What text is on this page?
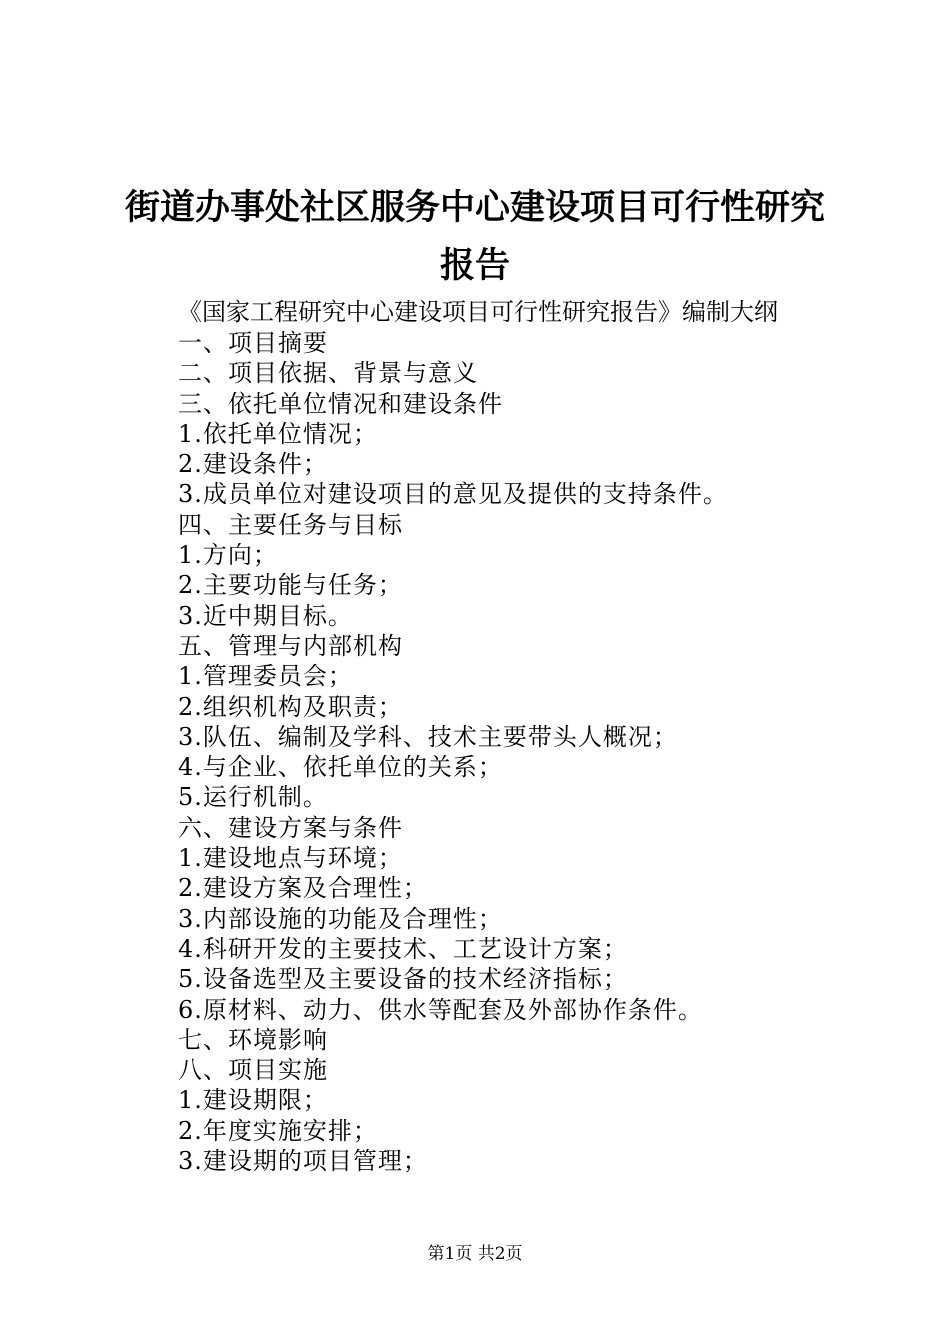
街道办事处社区服务中心建设项目可行性研究
报告

《国家工程研究中心建设项目可行性研究报告》编制大纲

一、项目摘要
二、项目依据、背景与意义
三、依托单位情况和建设条件
1.依托单位情况；
2.建设条件；
3.成员单位对建设项目的意见及提供的支持条件。
四、主要任务与目标
1.方向；
2.主要功能与任务；
3.近中期目标。
五、管理与内部机构
1.管理委员会；
2.组织机构及职责；
3.队伍、编制及学科、技术主要带头人概况；
4.与企业、依托单位的关系；
5.运行机制。
六、建设方案与条件
1.建设地点与环境；
2.建设方案及合理性；
3.内部设施的功能及合理性；
4.科研开发的主要技术、工艺设计方案；
5.设备选型及主要设备的技术经济指标；
6.原材料、动力、供水等配套及外部协作条件。
七、环境影响
八、项目实施
1.建设期限；
2.年度实施安排；
3.建设期的项目管理；
第1页 共2页
